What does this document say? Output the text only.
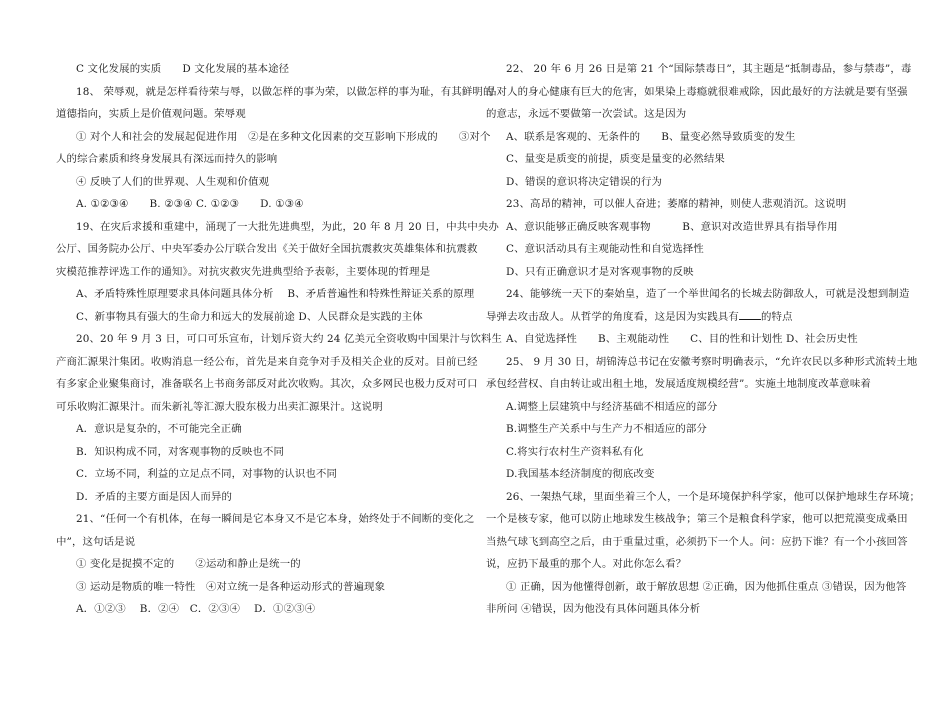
C 文化发展的实质　　D 文化发展的基本途径
18、 荣辱观，就是怎样看待荣与辱，以做怎样的事为荣，以做怎样的事为耻，有其鲜明的
道德指向，实质上是价值观问题。荣辱观
① 对个人和社会的发展起促进作用　②是在多种文化因素的交互影响下形成的　　③对个
人的综合素质和终身发展具有深远而持久的影响
④ 反映了人们的世界观、人生观和价值观
A. ①②③④　　B. ②③④ C. ①②③　　D. ①③④
19、在灾后求援和重建中，涌现了一大批先进典型，为此，20 年 8 月 20 日，中共中央办
公厅、国务院办公厅、中央军委办公厅联合发出《关于做好全国抗震救灾英雄集体和抗震救
灾模范推荐评选工作的通知》。对抗灾救灾先进典型给予表彰，主要体现的哲理是
A、矛盾特殊性原理要求具体问题具体分析　 B、矛盾普遍性和特殊性辩证关系的原理
C、新事物具有强大的生命力和远大的发展前途 D、人民群众是实践的主体
20、20 年 9 月 3 日，可口可乐宣布，计划斥资大约 24 亿美元全资收购中国果汁与饮料生
产商汇源果汁集团。收购消息一经公布，首先是来自竞争对手及相关企业的反对。目前已经
有多家企业聚集商讨，准备联名上书商务部反对此次收购。其次，众多网民也极力反对可口
可乐收购汇源果汁。而朱新礼等汇源大股东极力出卖汇源果汁。这说明
A．意识是复杂的，不可能完全正确
B．知识构成不同，对客观事物的反映也不同
C．立场不同，利益的立足点不同，对事物的认识也不同
D．矛盾的主要方面是因人而异的
21、“任何一个有机体，在每一瞬间是它本身又不是它本身，始终处于不间断的变化之
中”，这句话是说
① 变化是捉摸不定的　　②运动和静止是统一的
③ 运动是物质的唯一特性　④对立统一是各种运动形式的普遍现象
A．①②③　 B．②④　C．②③④　 D．①②③④
22、 20 年 6 月 26 日是第 21 个“国际禁毒日”，其主题是“抵制毒品，参与禁毒”，毒
品对人的身心健康有巨大的危害，如果染上毒瘾就很难戒除，因此最好的方法就是要有坚强
的意志，永远不要做第一次尝试。这是因为
A、联系是客观的、无条件的　　B、量变必然导致质变的发生
C、量变是质变的前提，质变是量变的必然结果
D、错误的意识将决定错误的行为
23、高昂的精神，可以催人奋进；萎靡的精神，则使人悲观消沉。这说明
A、意识能够正确反映客观事物　　　B、意识对改造世界具有指导作用
C、意识活动具有主观能动性和自觉选择性
D、只有正确意识才是对客观事物的反映
24、能够统一天下的秦始皇，造了一个举世闻名的长城去防御敌人，可就是没想到制造
导弹去攻击敌人。从哲学的角度看，这是因为实践具有 的特点
A、自觉选择性　　B、主观能动性　　C、目的性和计划性 D、社会历史性
25、 9 月 30 日，胡锦涛总书记在安徽考察时明确表示，“允许农民以多种形式流转土地
承包经营权、自由转让或出租土地，发展适度规模经营”。实施土地制度改革意味着
A.调整上层建筑中与经济基础不相适应的部分
B.调整生产关系中与生产力不相适应的部分
C.将实行农村生产资料私有化
D.我国基本经济制度的彻底改变
26、一架热气球，里面坐着三个人，一个是环境保护科学家，他可以保护地球生存环境；
一个是核专家，他可以防止地球发生核战争；第三个是粮食科学家，他可以把荒漠变成桑田
当热气球飞到高空之后，由于重量过重，必须扔下一个人。问：应扔下谁？有一个小孩回答
说，应扔下最重的那个人。对此你怎么看？
① 正确，因为他懂得创新，敢于解放思想 ②正确，因为他抓住重点 ③错误，因为他答
非所问 ④错误，因为他没有具体问题具体分析
